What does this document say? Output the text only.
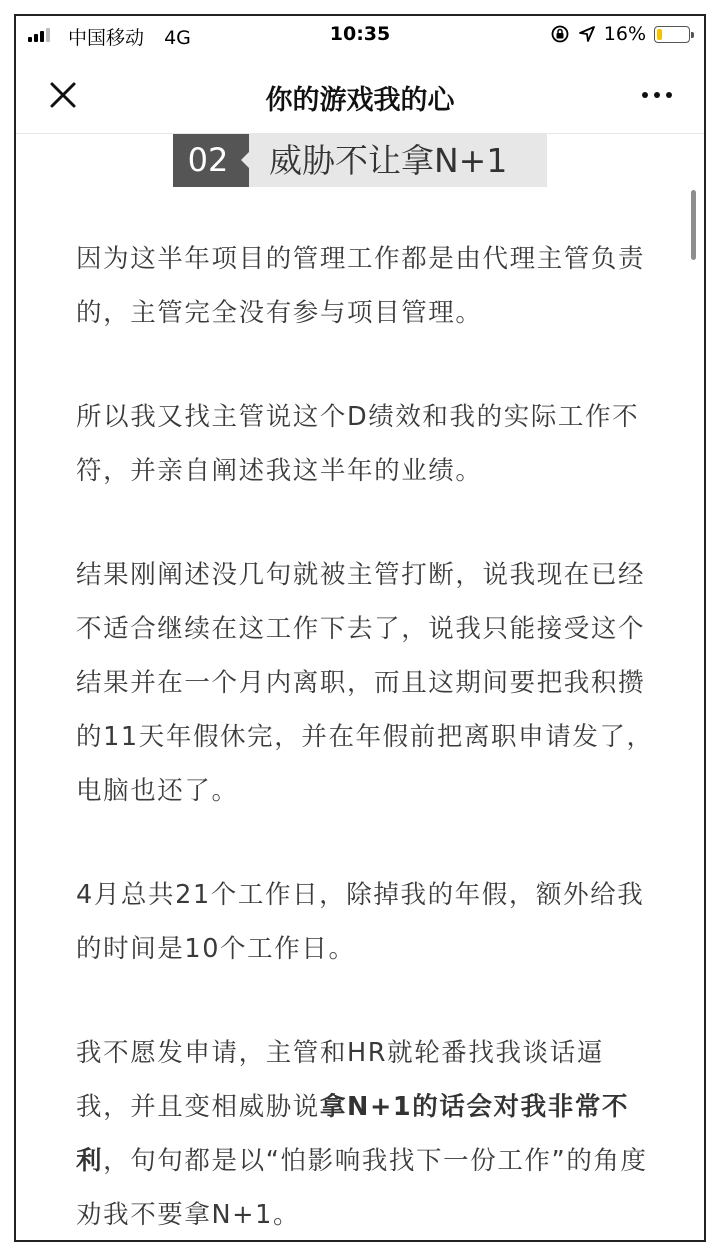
中国移动 4G	10:35	16%
你的游戏我的心
02	威胁不让拿N+1

因为这半年项目的管理工作都是由代理主管负责的，主管完全没有参与项目管理。

所以我又找主管说这个D绩效和我的实际工作不符，并亲自阐述我这半年的业绩。

结果刚阐述没几句就被主管打断，说我现在已经不适合继续在这工作下去了，说我只能接受这个结果并在一个月内离职，而且这期间要把我积攒的11天年假休完，并在年假前把离职申请发了，电脑也还了。

4月总共21个工作日，除掉我的年假，额外给我的时间是10个工作日。

我不愿发申请，主管和HR就轮番找我谈话逼我，并且变相威胁说拿N+1的话会对我非常不利，句句都是以“怕影响我找下一份工作”的角度劝我不要拿N+1。
